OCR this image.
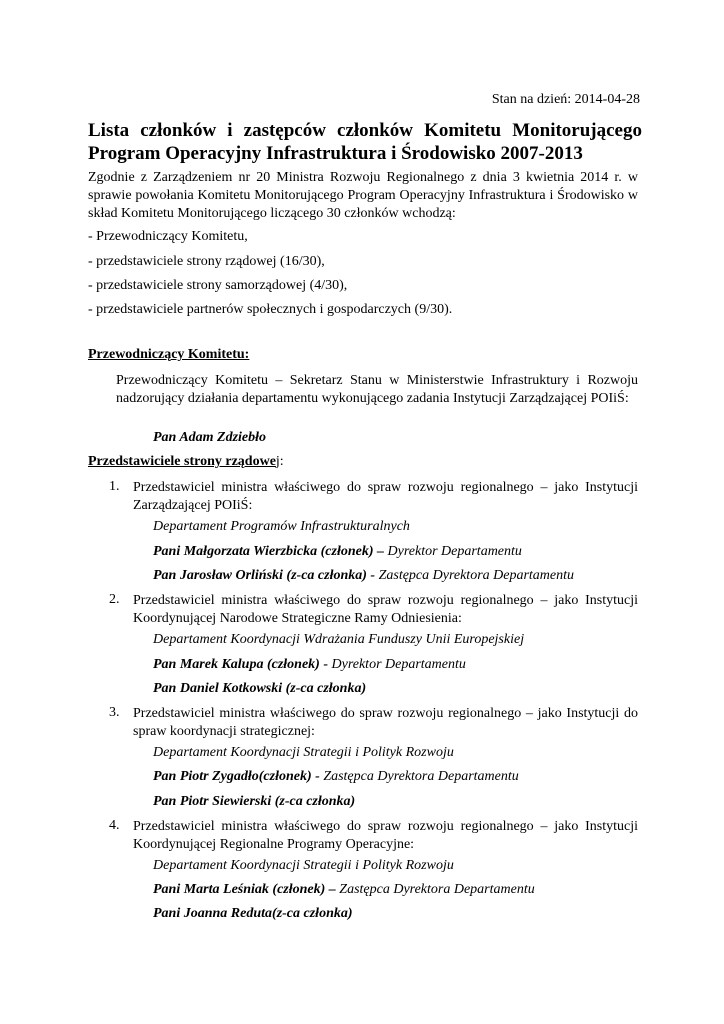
Stan na dzień: 2014-04-28
Lista członków i zastępców członków Komitetu Monitorującego Program Operacyjny Infrastruktura i Środowisko 2007-2013
Zgodnie z Zarządzeniem nr 20 Ministra Rozwoju Regionalnego z dnia 3 kwietnia 2014 r. w sprawie powołania Komitetu Monitorującego Program Operacyjny Infrastruktura i Środowisko w skład Komitetu Monitorującego liczącego 30 członków wchodzą:
- Przewodniczący Komitetu,
- przedstawiciele strony rządowej (16/30),
- przedstawiciele strony samorządowej (4/30),
- przedstawiciele partnerów społecznych i gospodarczych (9/30).
Przewodniczący Komitetu:
Przewodniczący Komitetu – Sekretarz Stanu w Ministerstwie Infrastruktury i Rozwoju nadzorujący działania departamentu wykonującego zadania Instytucji Zarządzającej POIiŚ:
Pan Adam Zdziebło
Przedstawiciele strony rządowej:
1. Przedstawiciel ministra właściwego do spraw rozwoju regionalnego – jako Instytucji Zarządzającej POIiŚ:
Departament Programów Infrastrukturalnych
Pani Małgorzata Wierzbicka (członek) – Dyrektor Departamentu
Pan Jarosław Orliński (z-ca członka) - Zastępca Dyrektora Departamentu
2. Przedstawiciel ministra właściwego do spraw rozwoju regionalnego – jako Instytucji Koordynującej Narodowe Strategiczne Ramy Odniesienia:
Departament Koordynacji Wdrażania Funduszy Unii Europejskiej
Pan Marek Kalupa (członek) - Dyrektor Departamentu
Pan Daniel Kotkowski (z-ca członka)
3. Przedstawiciel ministra właściwego do spraw rozwoju regionalnego – jako Instytucji do spraw koordynacji strategicznej:
Departament Koordynacji Strategii i Polityk Rozwoju
Pan Piotr Zygadło(członek) - Zastępca Dyrektora Departamentu
Pan Piotr Siewierski (z-ca członka)
4. Przedstawiciel ministra właściwego do spraw rozwoju regionalnego – jako Instytucji Koordynującej Regionalne Programy Operacyjne:
Departament Koordynacji Strategii i Polityk Rozwoju
Pani Marta Leśniak (członek) – Zastępca Dyrektora Departamentu
Pani Joanna Reduta(z-ca członka)
